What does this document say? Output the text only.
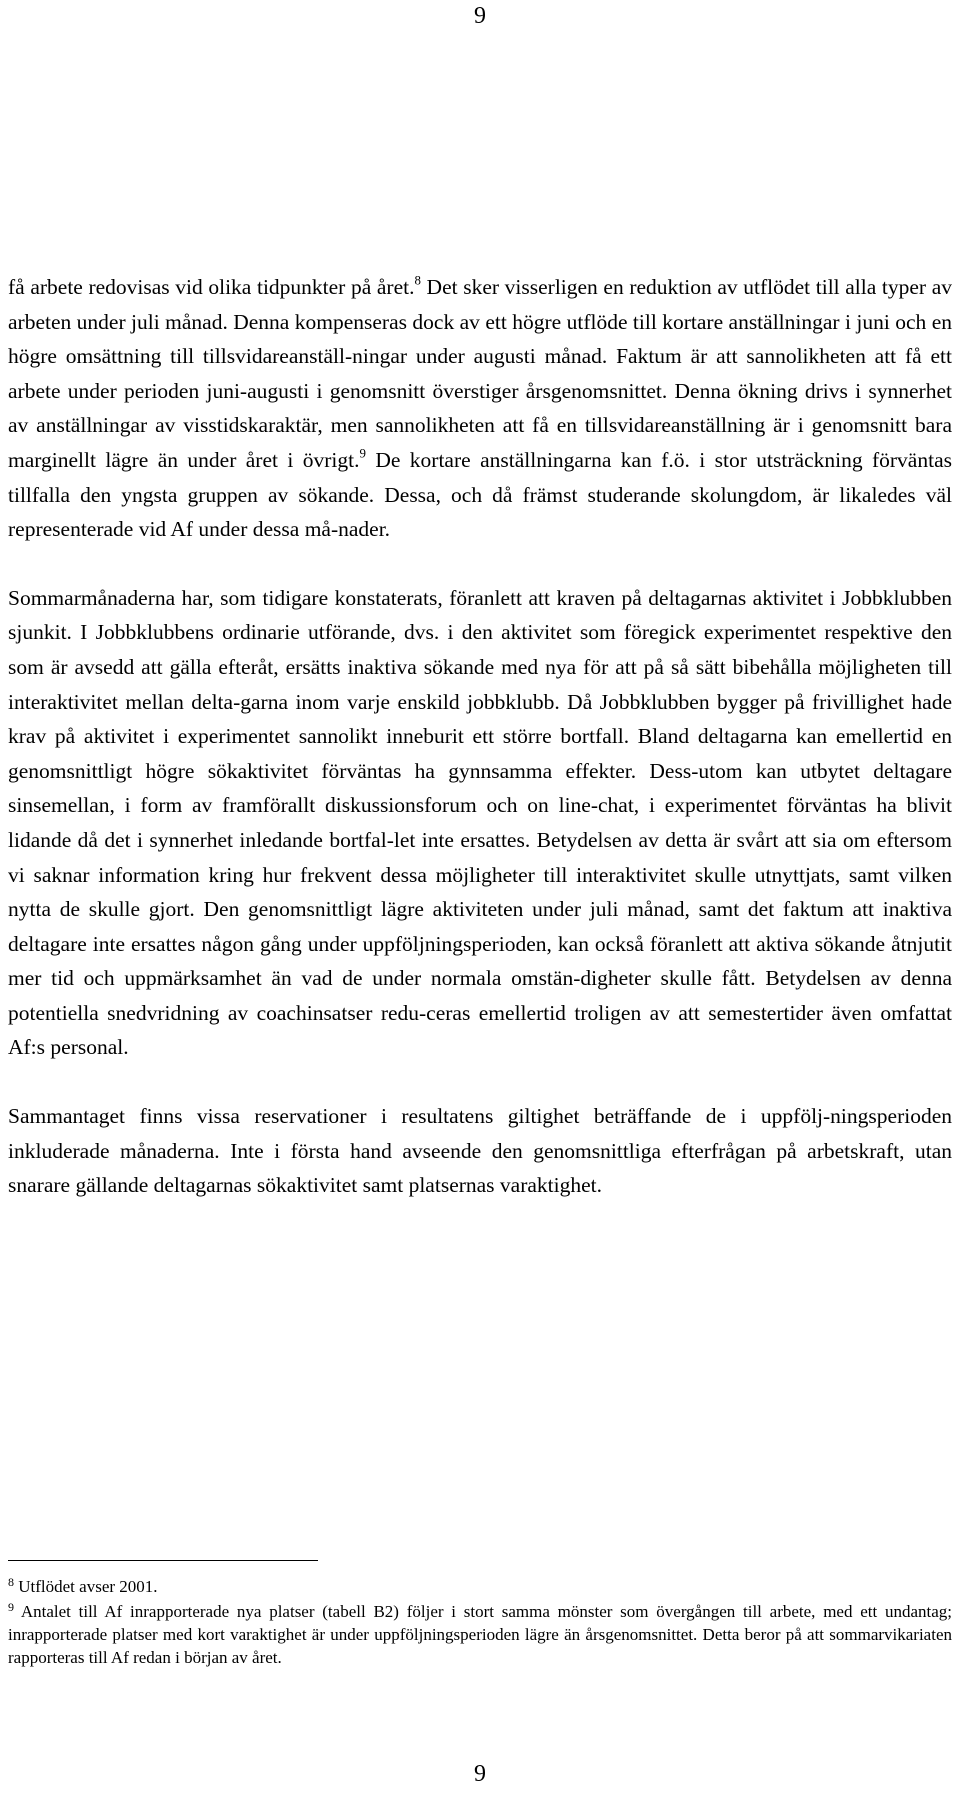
9

få arbete redovisas vid olika tidpunkter på året.$^8$ Det sker visserligen en reduktion av utflödet till alla typer av arbeten under juli månad. Denna kompenseras dock av ett högre utflöde till kortare anställningar i juni och en högre omsättning till tillsvidareanställ-ningar under augusti månad. Faktum är att sannolikheten att få ett arbete under perioden juni-augusti i genomsnitt överstiger årsgenomsnittet. Denna ökning drivs i synnerhet av anställningar av visstidskaraktär, men sannolikheten att få en tillsvidareanställning är i genomsnitt bara marginellt lägre än under året i övrigt.$^9$ De kortare anställningarna kan f.ö. i stor utsträckning förväntas tillfalla den yngsta gruppen av sökande. Dessa, och då främst studerande skolungdom, är likaledes väl representerade vid Af under dessa må-nader.

Sommarmånaderna har, som tidigare konstaterats, föranlett att kraven på deltagarnas aktivitet i Jobbklubben sjunkit. I Jobbklubbens ordinarie utförande, dvs. i den aktivitet som föregick experimentet respektive den som är avsedd att gälla efteråt, ersätts inaktiva sökande med nya för att på så sätt bibehålla möjligheten till interaktivitet mellan delta-garna inom varje enskild jobbklubb. Då Jobbklubben bygger på frivillighet hade krav på aktivitet i experimentet sannolikt inneburit ett större bortfall. Bland deltagarna kan emellertid en genomsnittligt högre sökaktivitet förväntas ha gynnsamma effekter. Dess-utom kan utbytet deltagare sinsemellan, i form av framförallt diskussionsforum och on line-chat, i experimentet förväntas ha blivit lidande då det i synnerhet inledande bortfal-let inte ersattes. Betydelsen av detta är svårt att sia om eftersom vi saknar information kring hur frekvent dessa möjligheter till interaktivitet skulle utnyttjats, samt vilken nytta de skulle gjort. Den genomsnittligt lägre aktiviteten under juli månad, samt det faktum att inaktiva deltagare inte ersattes någon gång under uppföljningsperioden, kan också föranlett att aktiva sökande åtnjutit mer tid och uppmärksamhet än vad de under normala omstän-digheter skulle fått. Betydelsen av denna potentiella snedvridning av coachinsatser redu-ceras emellertid troligen av att semestertider även omfattat Af:s personal.

Sammantaget finns vissa reservationer i resultatens giltighet beträffande de i uppfölj-ningsperioden inkluderade månaderna. Inte i första hand avseende den genomsnittliga efterfrågan på arbetskraft, utan snarare gällande deltagarnas sökaktivitet samt platsernas varaktighet.

$^8$ Utflödet avser 2001.

$^9$ Antalet till Af inrapporterade nya platser (tabell B2) följer i stort samma mönster som övergången till arbete, med ett undantag; inrapporterade platser med kort varaktighet är under uppföljningsperioden lägre än årsgenomsnittet. Detta beror på att sommarvikariaten rapporteras till Af redan i början av året.

9
